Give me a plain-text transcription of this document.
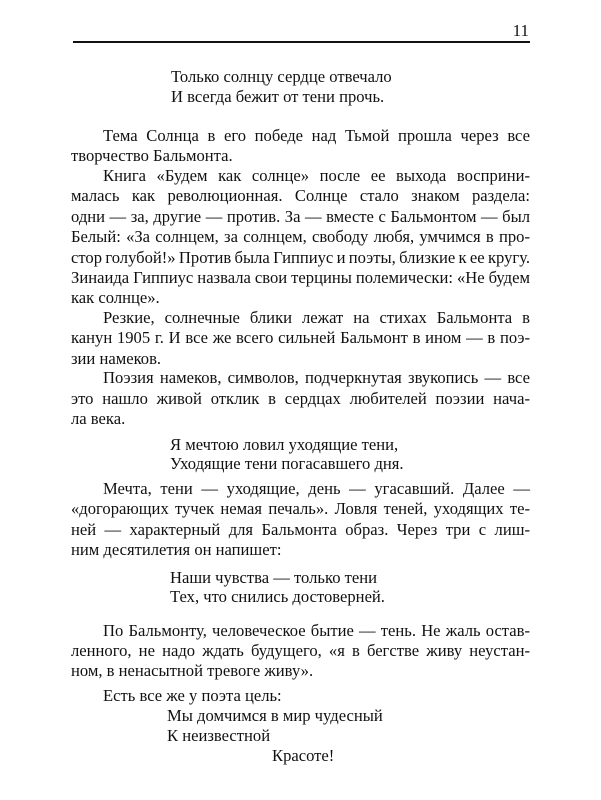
11
Только солнцу сердце отвечало
И всегда бежит от тени прочь.
Тема Солнца в его победе над Тьмой прошла через все
творчество Бальмонта.
Книга «Будем как солнце» после ее выхода восприни-
малась как революционная. Солнце стало знаком раздела:
одни — за, другие — против. За — вместе с Бальмонтом — был
Белый: «За солнцем, за солнцем, свободу любя, умчимся в про-
стор голубой!» Против была Гиппиус и поэты, близкие к ее кругу.
Зинаида Гиппиус назвала свои терцины полемически: «Не будем
как солнце».
Резкие, солнечные блики лежат на стихах Бальмонта в
канун 1905 г. И все же всего сильней Бальмонт в ином — в поэ-
зии намеков.
Поэзия намеков, символов, подчеркнутая звукопись — все
это нашло живой отклик в сердцах любителей поэзии нача-
ла века.
Я мечтою ловил уходящие тени,
Уходящие тени погасавшего дня.
Мечта, тени — уходящие, день — угасавший. Далее —
«догорающих тучек немая печаль». Ловля теней, уходящих те-
ней — характерный для Бальмонта образ. Через три с лиш-
ним десятилетия он напишет:
Наши чувства — только тени
Тех, что снились достоверней.
По Бальмонту, человеческое бытие — тень. Не жаль остав-
ленного, не надо ждать будущего, «я в бегстве живу неустан-
ном, в ненасытной тревоге живу».
Есть все же у поэта цель:
Мы домчимся в мир чудесный
К неизвестной
Красоте!
